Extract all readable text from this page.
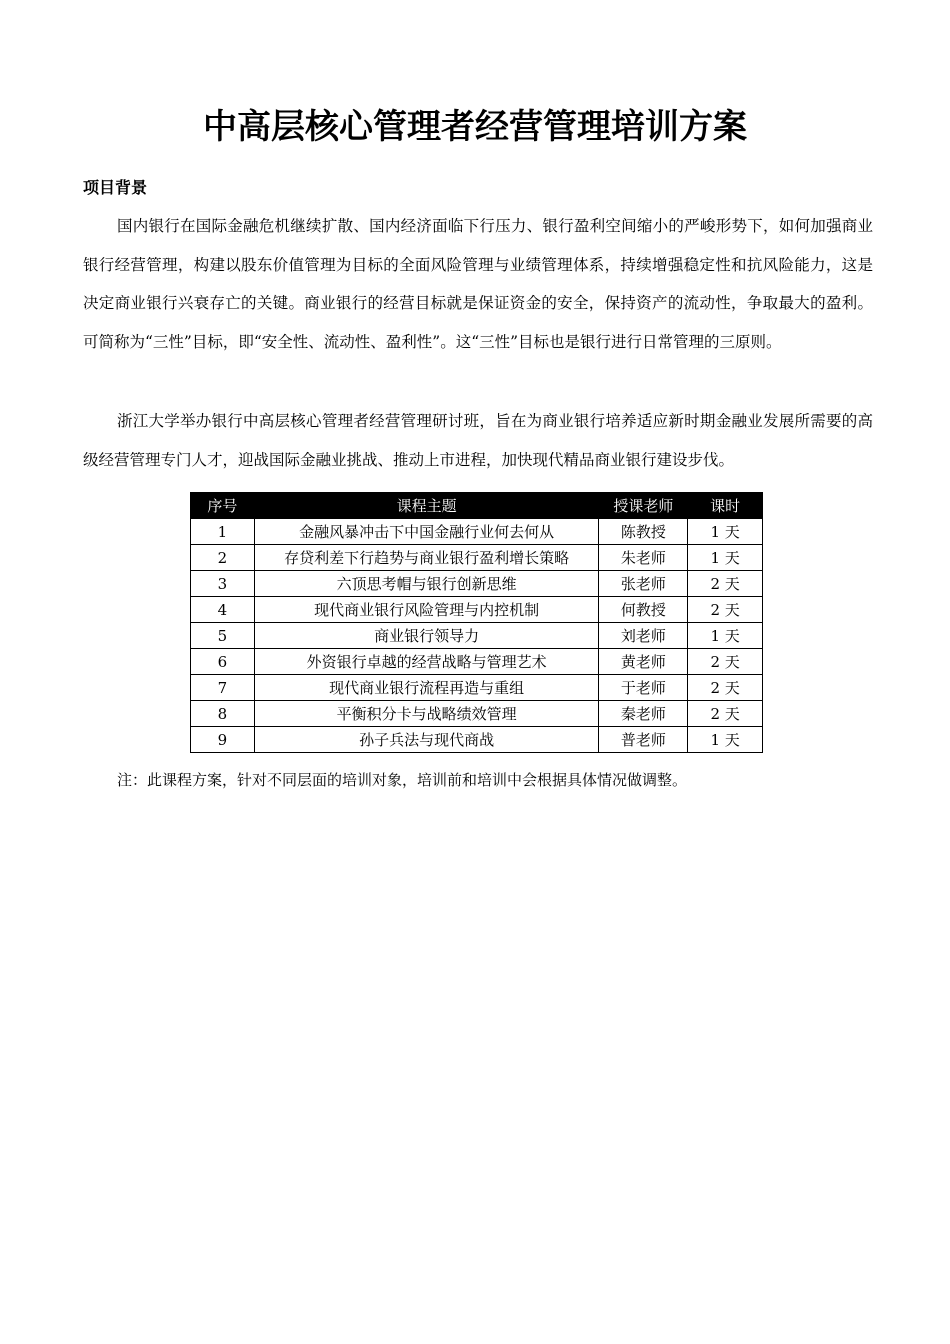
中高层核心管理者经营管理培训方案
项目背景

国内银行在国际金融危机继续扩散、国内经济面临下行压力、银行盈利空间缩小的严峻形势下，如何加强商业银行经营管理，构建以股东价值管理为目标的全面风险管理与业绩管理体系，持续增强稳定性和抗风险能力，这是决定商业银行兴衰存亡的关键。商业银行的经营目标就是保证资金的安全，保持资产的流动性，争取最大的盈利。可简称为“三性”目标，即“安全性、流动性、盈利性”。这“三性”目标也是银行进行日常管理的三原则。

浙江大学举办银行中高层核心管理者经营管理研讨班，旨在为商业银行培养适应新时期金融业发展所需要的高级经营管理专门人才，迎战国际金融业挑战、推动上市进程，加快现代精品商业银行建设步伐。

序号	课程主题	授课老师	课时
1	金融风暴冲击下中国金融行业何去何从	陈教授	1 天
2	存贷利差下行趋势与商业银行盈利增长策略	朱老师	1 天
3	六顶思考帽与银行创新思维	张老师	2 天
4	现代商业银行风险管理与内控机制	何教授	2 天
5	商业银行领导力	刘老师	1 天
6	外资银行卓越的经营战略与管理艺术	黄老师	2 天
7	现代商业银行流程再造与重组	于老师	2 天
8	平衡积分卡与战略绩效管理	秦老师	2 天
9	孙子兵法与现代商战	普老师	1 天

注：此课程方案，针对不同层面的培训对象，培训前和培训中会根据具体情况做调整。
